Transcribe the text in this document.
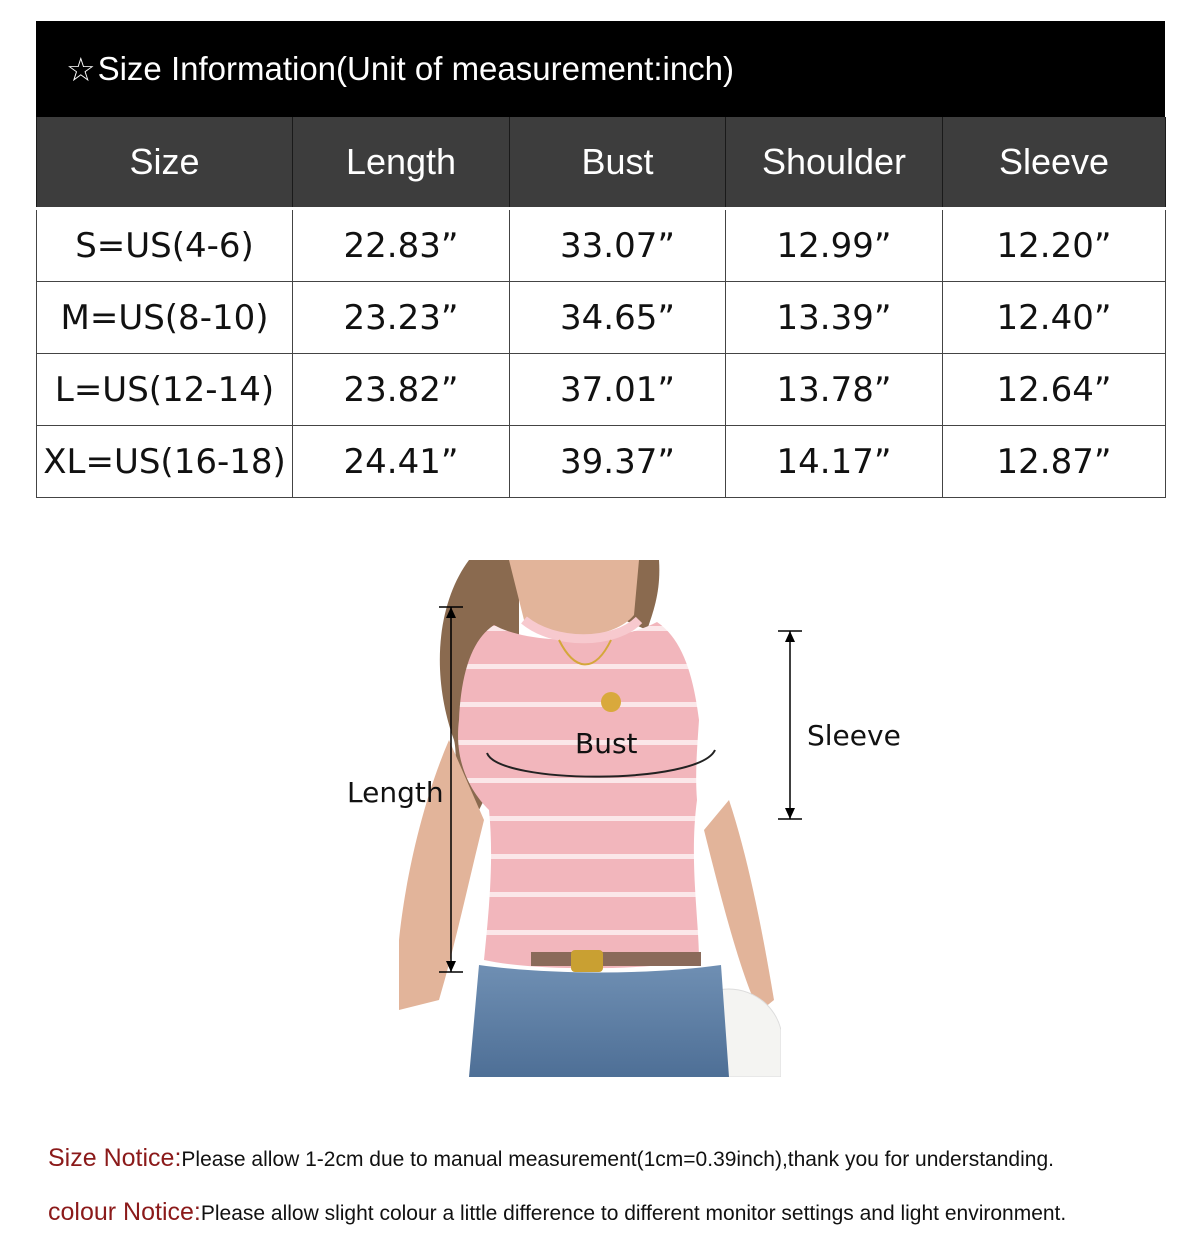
☆ Size Information(Unit of measurement:inch)
Size	Length	Bust	Shoulder	Sleeve
S=US(4-6)	22.83”	33.07”	12.99”	12.20”
M=US(8-10)	23.23”	34.65”	13.39”	12.40”
L=US(12-14)	23.82”	37.01”	13.78”	12.64”
XL=US(16-18)	24.41”	39.37”	14.17”	12.87”
Bust
Length
Sleeve
Size Notice:Please allow 1-2cm due to manual measurement(1cm=0.39inch),thank you for understanding.
colour Notice:Please allow slight colour a little difference to different monitor settings and light environment.
